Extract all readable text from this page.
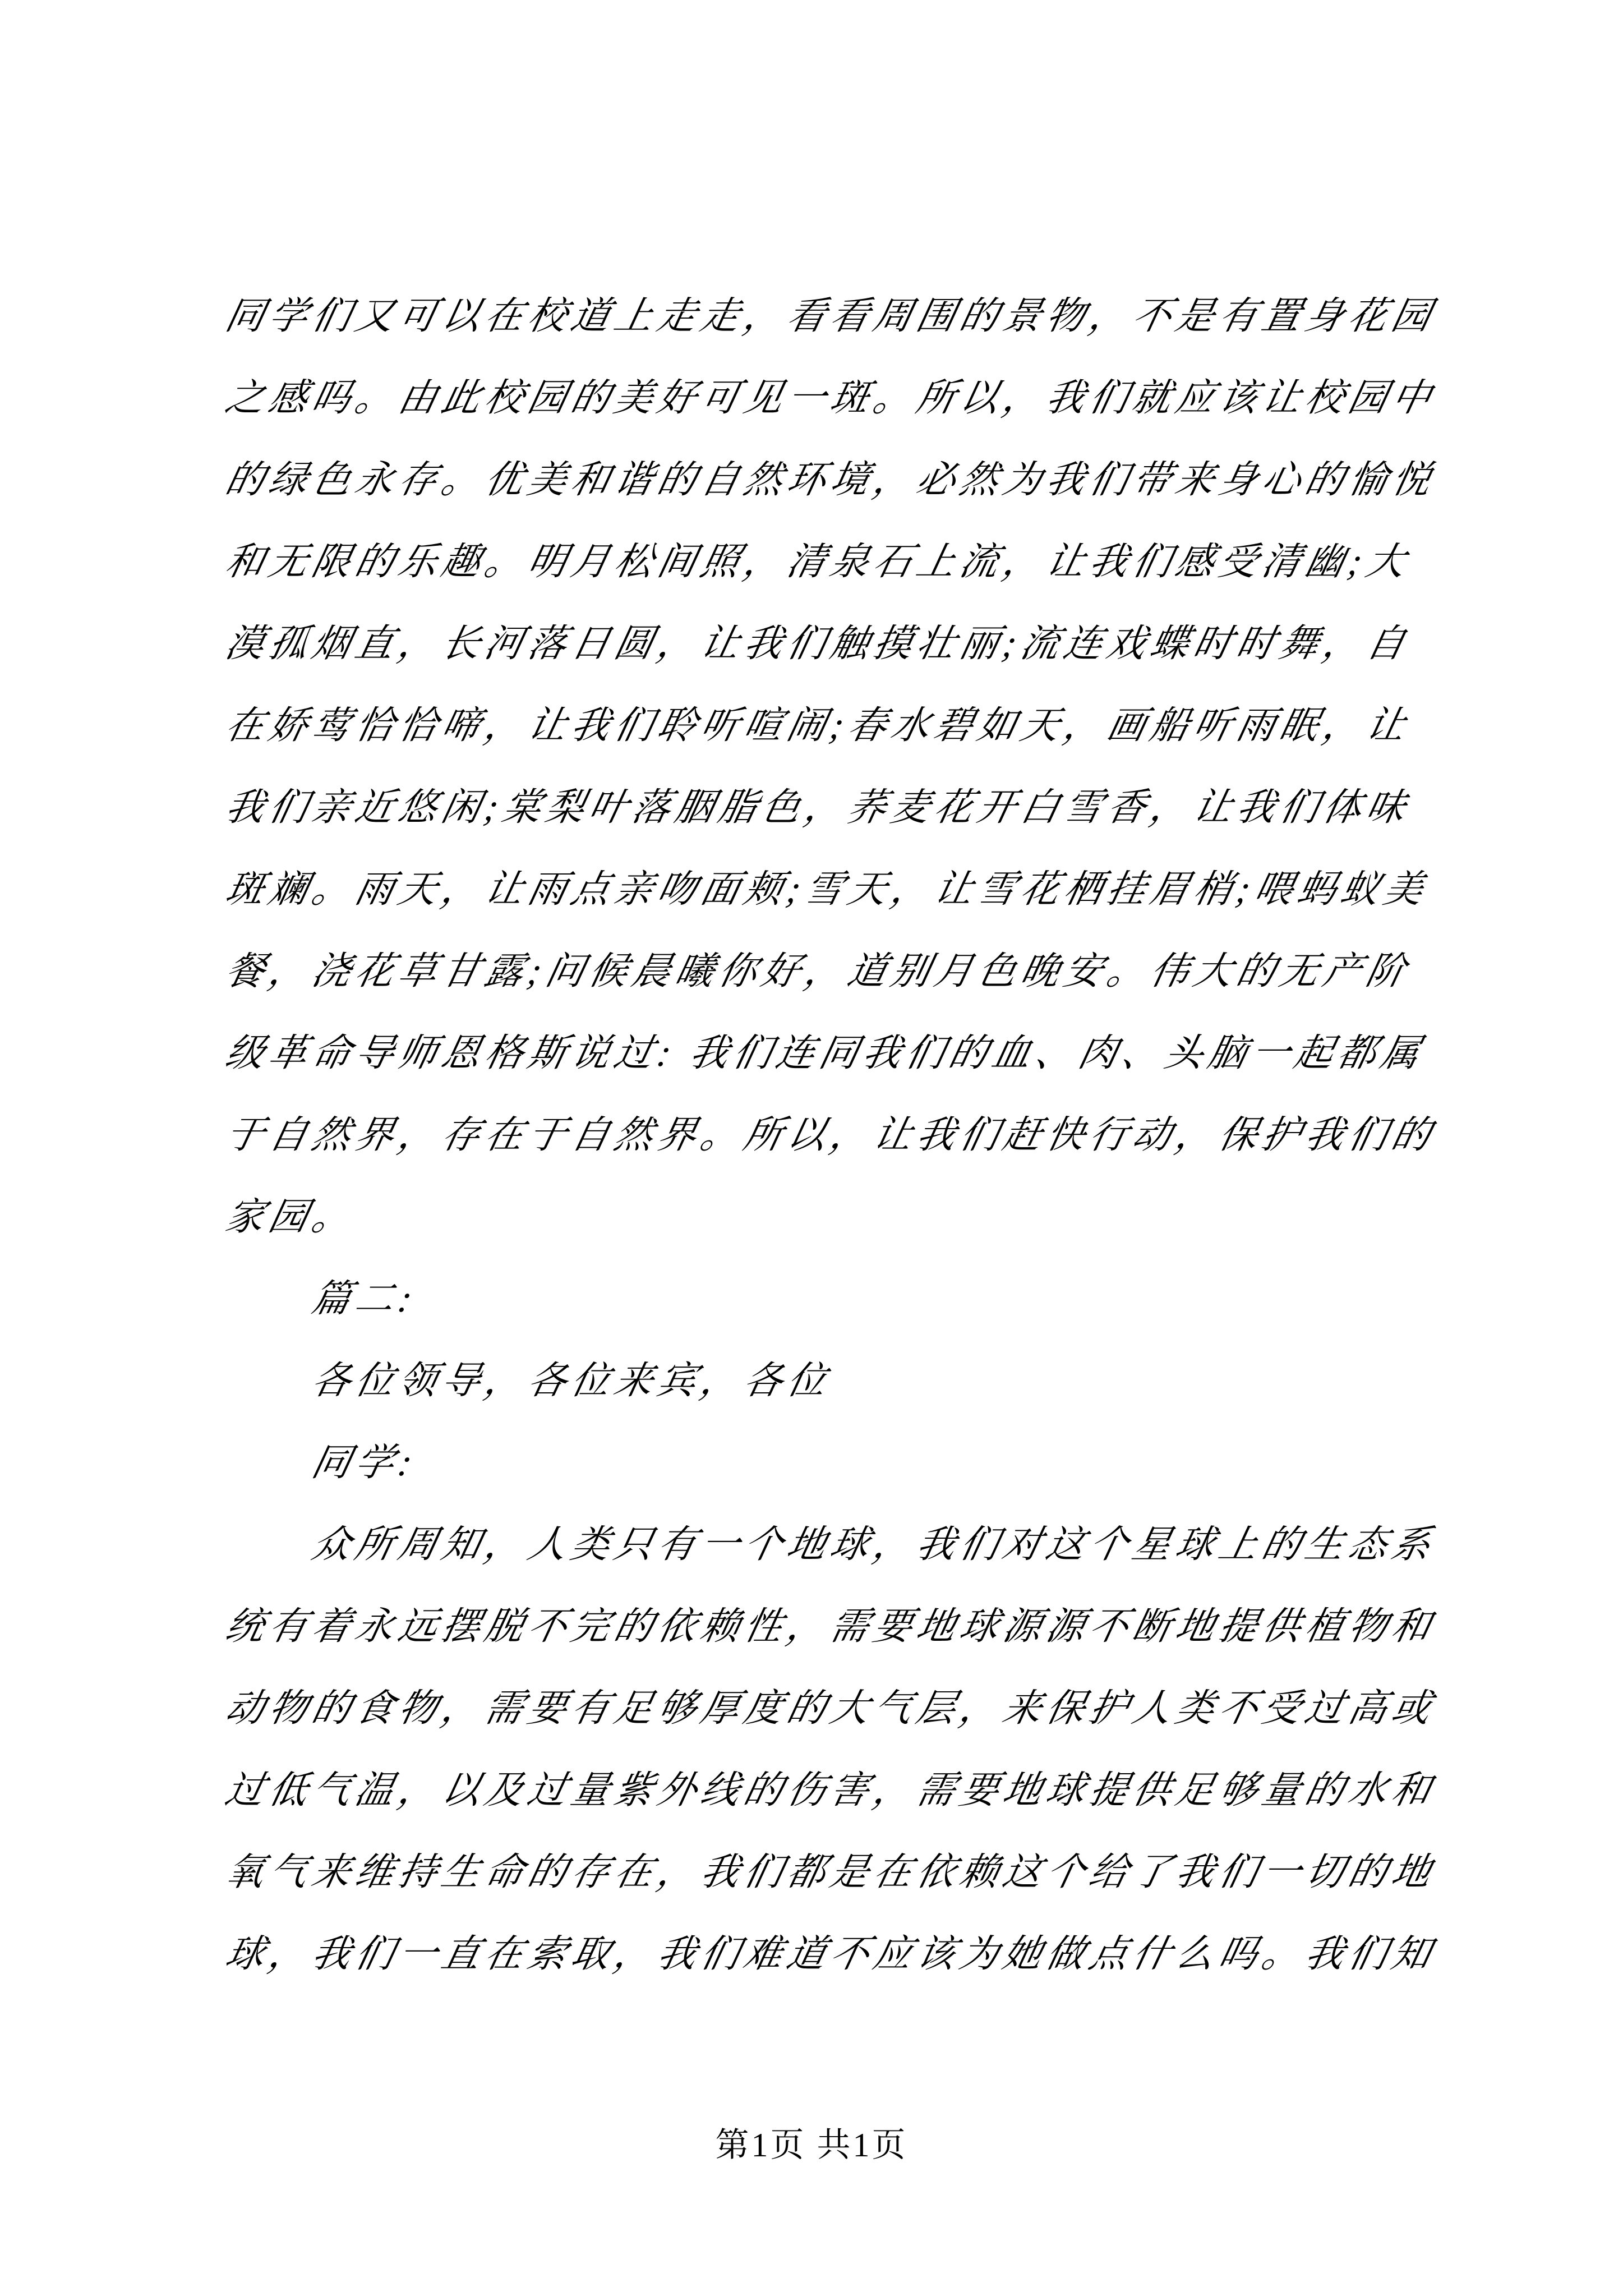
同学们又可以在校道上走走，看看周围的景物，不是有置身花园
之感吗。由此校园的美好可见一斑。所以，我们就应该让校园中
的绿色永存。优美和谐的自然环境，必然为我们带来身心的愉悦
和无限的乐趣。明月松间照，清泉石上流，让我们感受清幽;大
漠孤烟直，长河落日圆，让我们触摸壮丽;流连戏蝶时时舞，自
在娇莺恰恰啼，让我们聆听喧闹;春水碧如天，画船听雨眠，让
我们亲近悠闲;棠梨叶落胭脂色，荞麦花开白雪香，让我们体味
斑斓。雨天，让雨点亲吻面颊;雪天，让雪花栖挂眉梢;喂蚂蚁美
餐，浇花草甘露;问候晨曦你好，道别月色晚安。伟大的无产阶
级革命导师恩格斯说过: 我们连同我们的血、肉、头脑一起都属
于自然界，存在于自然界。所以，让我们赶快行动，保护我们的
家园。
篇二:
各位领导，各位来宾，各位
同学:
众所周知，人类只有一个地球，我们对这个星球上的生态系
统有着永远摆脱不完的依赖性，需要地球源源不断地提供植物和
动物的食物，需要有足够厚度的大气层，来保护人类不受过高或
过低气温，以及过量紫外线的伤害，需要地球提供足够量的水和
氧气来维持生命的存在，我们都是在依赖这个给了我们一切的地
球，我们一直在索取，我们难道不应该为她做点什么吗。我们知
第1页 共1页
